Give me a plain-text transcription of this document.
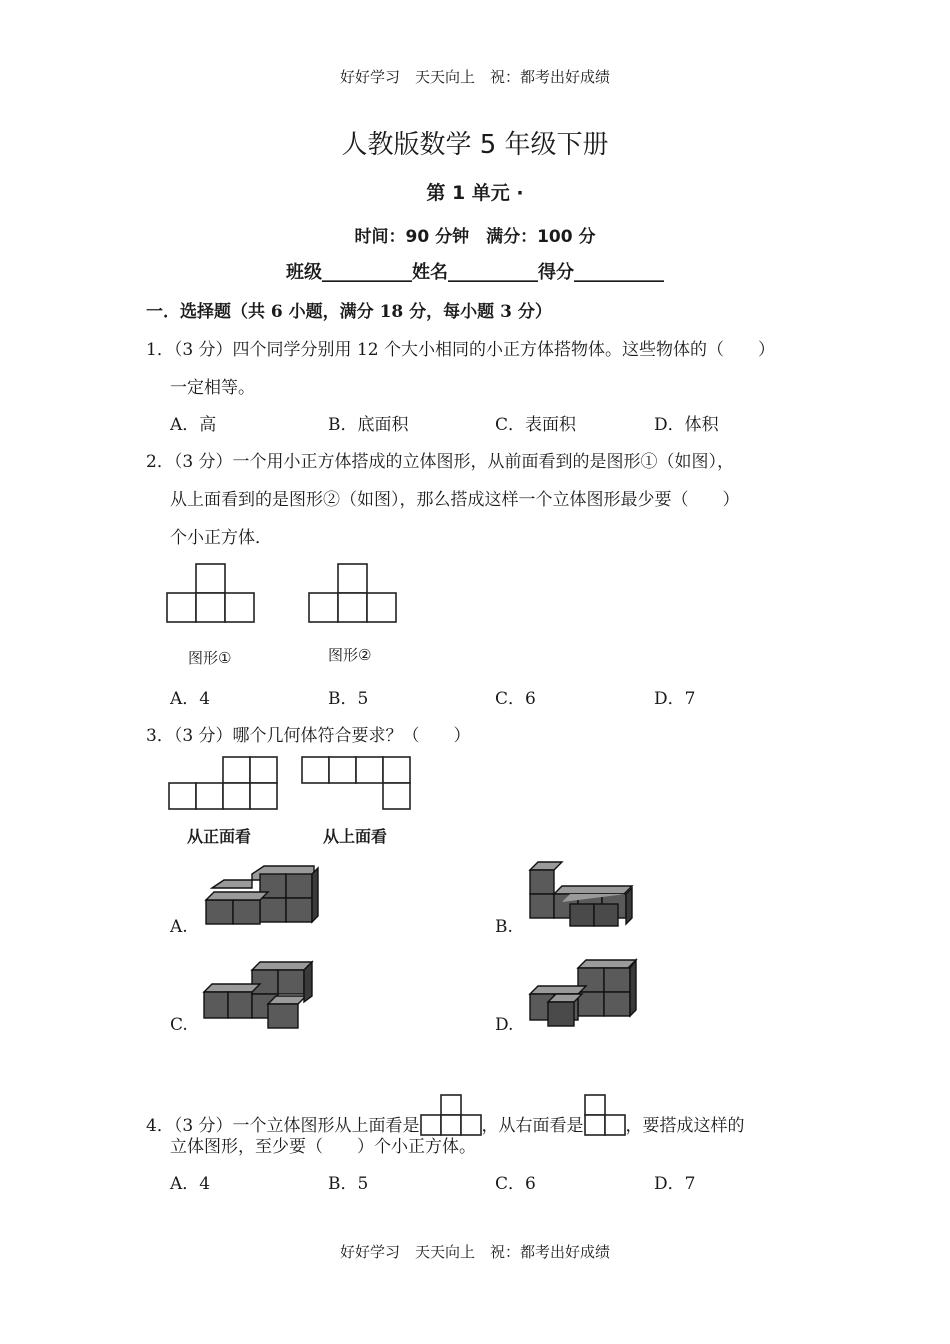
好好学习　天天向上　祝：都考出好成绩
人教版数学 5 年级下册
第 1 单元 ·
时间：90 分钟　满分：100 分
班级__________姓名__________得分__________
一．选择题（共 6 小题，满分 18 分，每小题 3 分）
1．（3 分）四个同学分别用 12 个大小相同的小正方体搭物体。这些物体的（　　）
一定相等。
A．高	B．底面积	C．表面积	D．体积
2．（3 分）一个用小正方体搭成的立体图形，从前面看到的是图形①（如图），
从上面看到的是图形②（如图），那么搭成这样一个立体图形最少要（　　）
个小正方体．
图形①	图形②
A．4	B．5	C．6	D．7
3．（3 分）哪个几何体符合要求？（　　）
从正面看	从上面看
A.	B.
C.	D.
4．（3 分）一个立体图形从上面看是	，从右面看是 ，要搭成这样的
立体图形，至少要（　　）个小正方体。
A．4	B．5	C．6	D．7
好好学习　天天向上　祝：都考出好成绩
